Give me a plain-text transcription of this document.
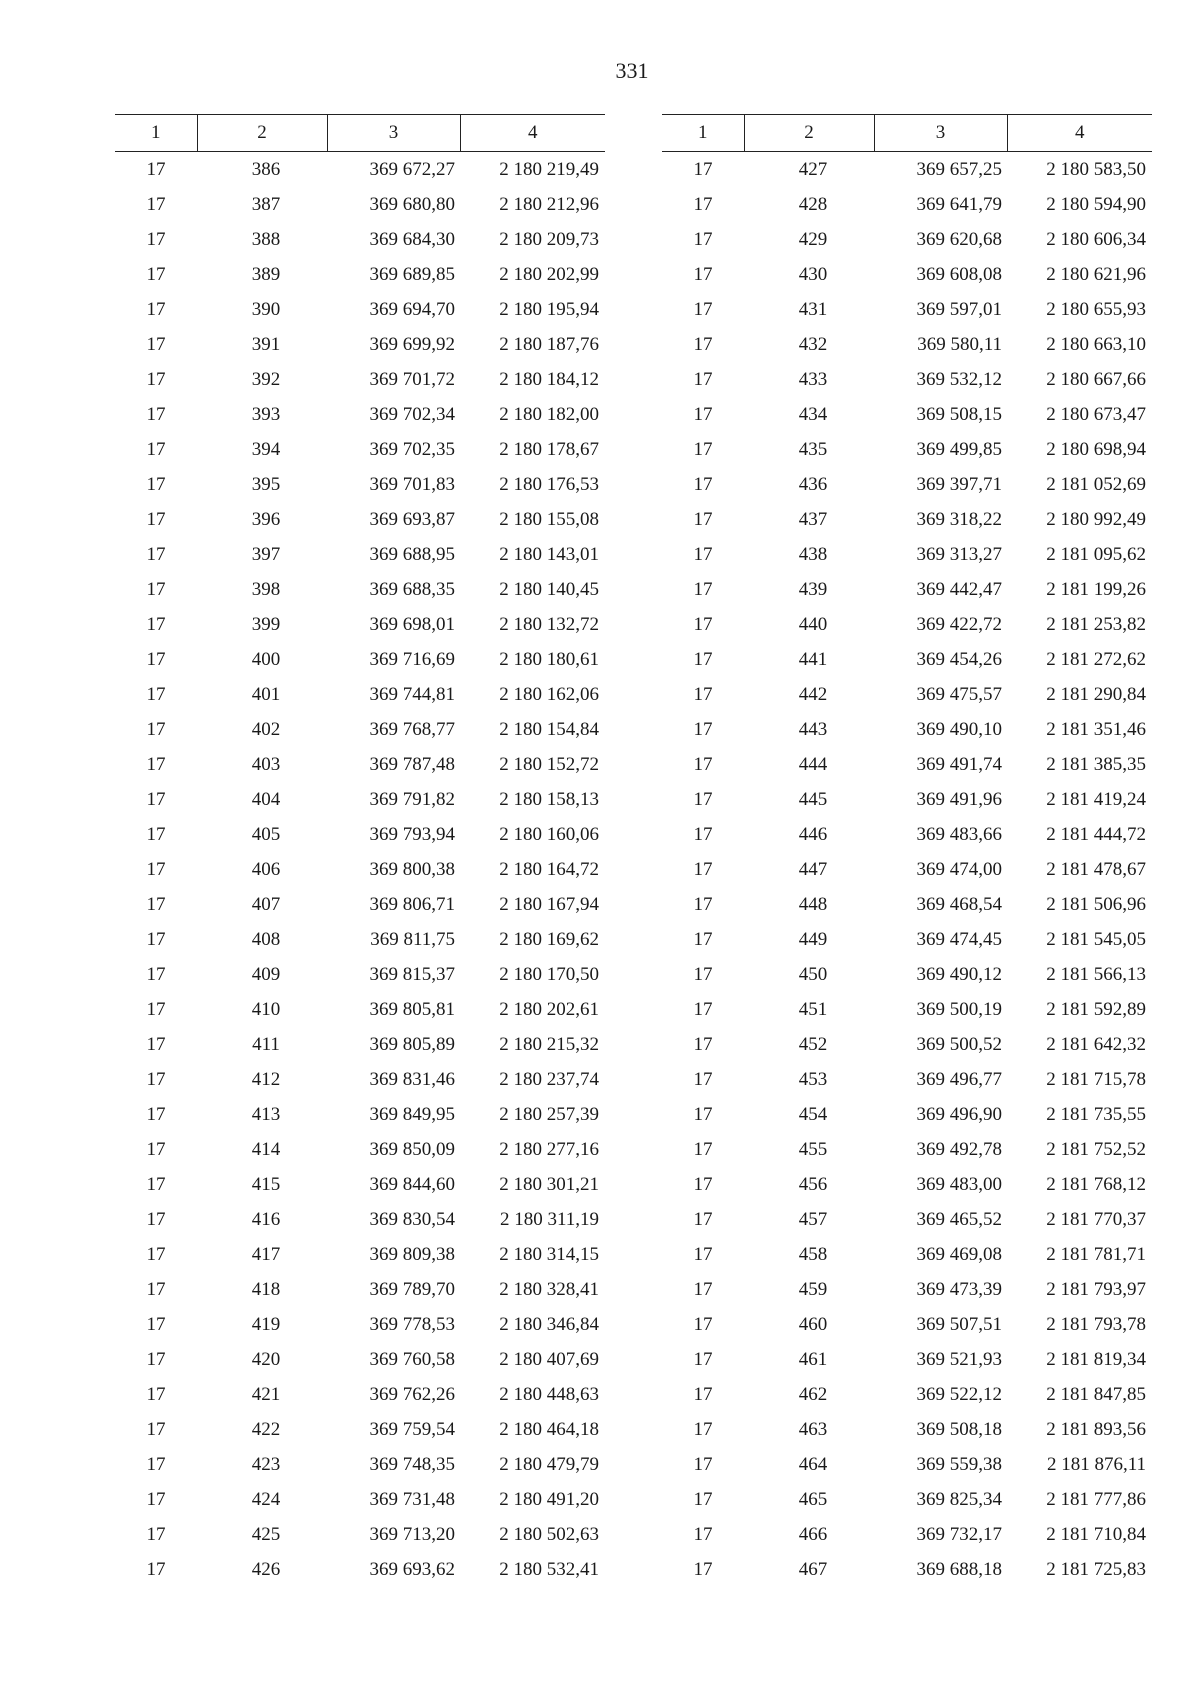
331
1	2	3	4
17	386	369 672,27	2 180 219,49
17	387	369 680,80	2 180 212,96
17	388	369 684,30	2 180 209,73
17	389	369 689,85	2 180 202,99
17	390	369 694,70	2 180 195,94
17	391	369 699,92	2 180 187,76
17	392	369 701,72	2 180 184,12
17	393	369 702,34	2 180 182,00
17	394	369 702,35	2 180 178,67
17	395	369 701,83	2 180 176,53
17	396	369 693,87	2 180 155,08
17	397	369 688,95	2 180 143,01
17	398	369 688,35	2 180 140,45
17	399	369 698,01	2 180 132,72
17	400	369 716,69	2 180 180,61
17	401	369 744,81	2 180 162,06
17	402	369 768,77	2 180 154,84
17	403	369 787,48	2 180 152,72
17	404	369 791,82	2 180 158,13
17	405	369 793,94	2 180 160,06
17	406	369 800,38	2 180 164,72
17	407	369 806,71	2 180 167,94
17	408	369 811,75	2 180 169,62
17	409	369 815,37	2 180 170,50
17	410	369 805,81	2 180 202,61
17	411	369 805,89	2 180 215,32
17	412	369 831,46	2 180 237,74
17	413	369 849,95	2 180 257,39
17	414	369 850,09	2 180 277,16
17	415	369 844,60	2 180 301,21
17	416	369 830,54	2 180 311,19
17	417	369 809,38	2 180 314,15
17	418	369 789,70	2 180 328,41
17	419	369 778,53	2 180 346,84
17	420	369 760,58	2 180 407,69
17	421	369 762,26	2 180 448,63
17	422	369 759,54	2 180 464,18
17	423	369 748,35	2 180 479,79
17	424	369 731,48	2 180 491,20
17	425	369 713,20	2 180 502,63
17	426	369 693,62	2 180 532,41
1	2	3	4
17	427	369 657,25	2 180 583,50
17	428	369 641,79	2 180 594,90
17	429	369 620,68	2 180 606,34
17	430	369 608,08	2 180 621,96
17	431	369 597,01	2 180 655,93
17	432	369 580,11	2 180 663,10
17	433	369 532,12	2 180 667,66
17	434	369 508,15	2 180 673,47
17	435	369 499,85	2 180 698,94
17	436	369 397,71	2 181 052,69
17	437	369 318,22	2 180 992,49
17	438	369 313,27	2 181 095,62
17	439	369 442,47	2 181 199,26
17	440	369 422,72	2 181 253,82
17	441	369 454,26	2 181 272,62
17	442	369 475,57	2 181 290,84
17	443	369 490,10	2 181 351,46
17	444	369 491,74	2 181 385,35
17	445	369 491,96	2 181 419,24
17	446	369 483,66	2 181 444,72
17	447	369 474,00	2 181 478,67
17	448	369 468,54	2 181 506,96
17	449	369 474,45	2 181 545,05
17	450	369 490,12	2 181 566,13
17	451	369 500,19	2 181 592,89
17	452	369 500,52	2 181 642,32
17	453	369 496,77	2 181 715,78
17	454	369 496,90	2 181 735,55
17	455	369 492,78	2 181 752,52
17	456	369 483,00	2 181 768,12
17	457	369 465,52	2 181 770,37
17	458	369 469,08	2 181 781,71
17	459	369 473,39	2 181 793,97
17	460	369 507,51	2 181 793,78
17	461	369 521,93	2 181 819,34
17	462	369 522,12	2 181 847,85
17	463	369 508,18	2 181 893,56
17	464	369 559,38	2 181 876,11
17	465	369 825,34	2 181 777,86
17	466	369 732,17	2 181 710,84
17	467	369 688,18	2 181 725,83
